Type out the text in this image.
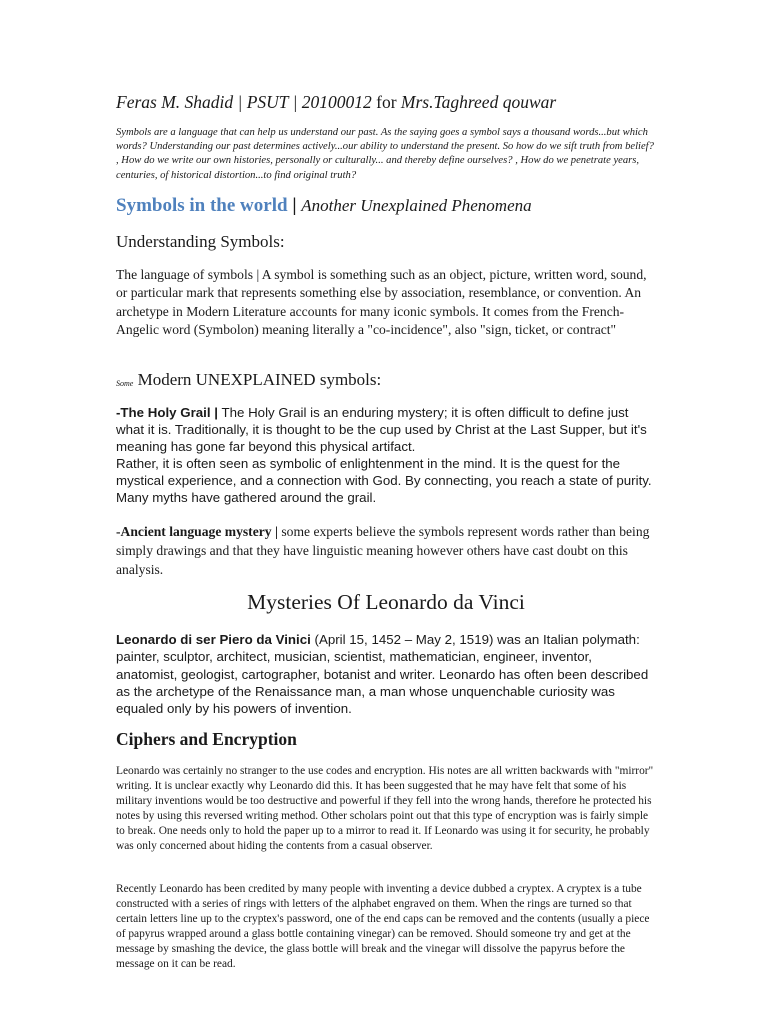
Feras M. Shadid | PSUT | 20100012 for Mrs.Taghreed qouwar
Symbols are a language that can help us understand our past. As the saying goes a symbol says a thousand words...but which words? Understanding our past determines actively...our ability to understand the present. So how do we sift truth from belief? , How do we write our own histories, personally or culturally... and thereby define ourselves? , How do we penetrate years, centuries, of historical distortion...to find original truth?
Symbols in the world | Another Unexplained Phenomena
Understanding Symbols:
The language of symbols | A symbol is something such as an object, picture, written word, sound, or particular mark that represents something else by association, resemblance, or convention. An archetype in Modern Literature accounts for many iconic symbols. It comes from the French-Angelic word (Symbolon) meaning literally a "co-incidence", also "sign, ticket, or contract"
Some Modern UNEXPLAINED symbols:
-The Holy Grail | The Holy Grail is an enduring mystery; it is often difficult to define just what it is. Traditionally, it is thought to be the cup used by Christ at the Last Supper, but it's meaning has gone far beyond this physical artifact.
Rather, it is often seen as symbolic of enlightenment in the mind. It is the quest for the mystical experience, and a connection with God. By connecting, you reach a state of purity. Many myths have gathered around the grail.
-Ancient language mystery | some experts believe the symbols represent words rather than being simply drawings and that they have linguistic meaning however others have cast doubt on this analysis.
Mysteries Of Leonardo da Vinci
Leonardo di ser Piero da Vinici (April 15, 1452 – May 2, 1519) was an Italian polymath: painter, sculptor, architect, musician, scientist, mathematician, engineer, inventor, anatomist, geologist, cartographer, botanist and writer. Leonardo has often been described as the archetype of the Renaissance man, a man whose unquenchable curiosity was equaled only by his powers of invention.
Ciphers and Encryption
Leonardo was certainly no stranger to the use codes and encryption. His notes are all written backwards with "mirror" writing. It is unclear exactly why Leonardo did this. It has been suggested that he may have felt that some of his military inventions would be too destructive and powerful if they fell into the wrong hands, therefore he protected his notes by using this reversed writing method. Other scholars point out that this type of encryption was is fairly simple to break. One needs only to hold the paper up to a mirror to read it. If Leonardo was using it for security, he probably was only concerned about hiding the contents from a casual observer.
Recently Leonardo has been credited by many people with inventing a device dubbed a cryptex. A cryptex is a tube constructed with a series of rings with letters of the alphabet engraved on them. When the rings are turned so that certain letters line up to the cryptex's password, one of the end caps can be removed and the contents (usually a piece of papyrus wrapped around a glass bottle containing vinegar) can be removed. Should someone try and get at the message by smashing the device, the glass bottle will break and the vinegar will dissolve the papyrus before the message on it can be read.
